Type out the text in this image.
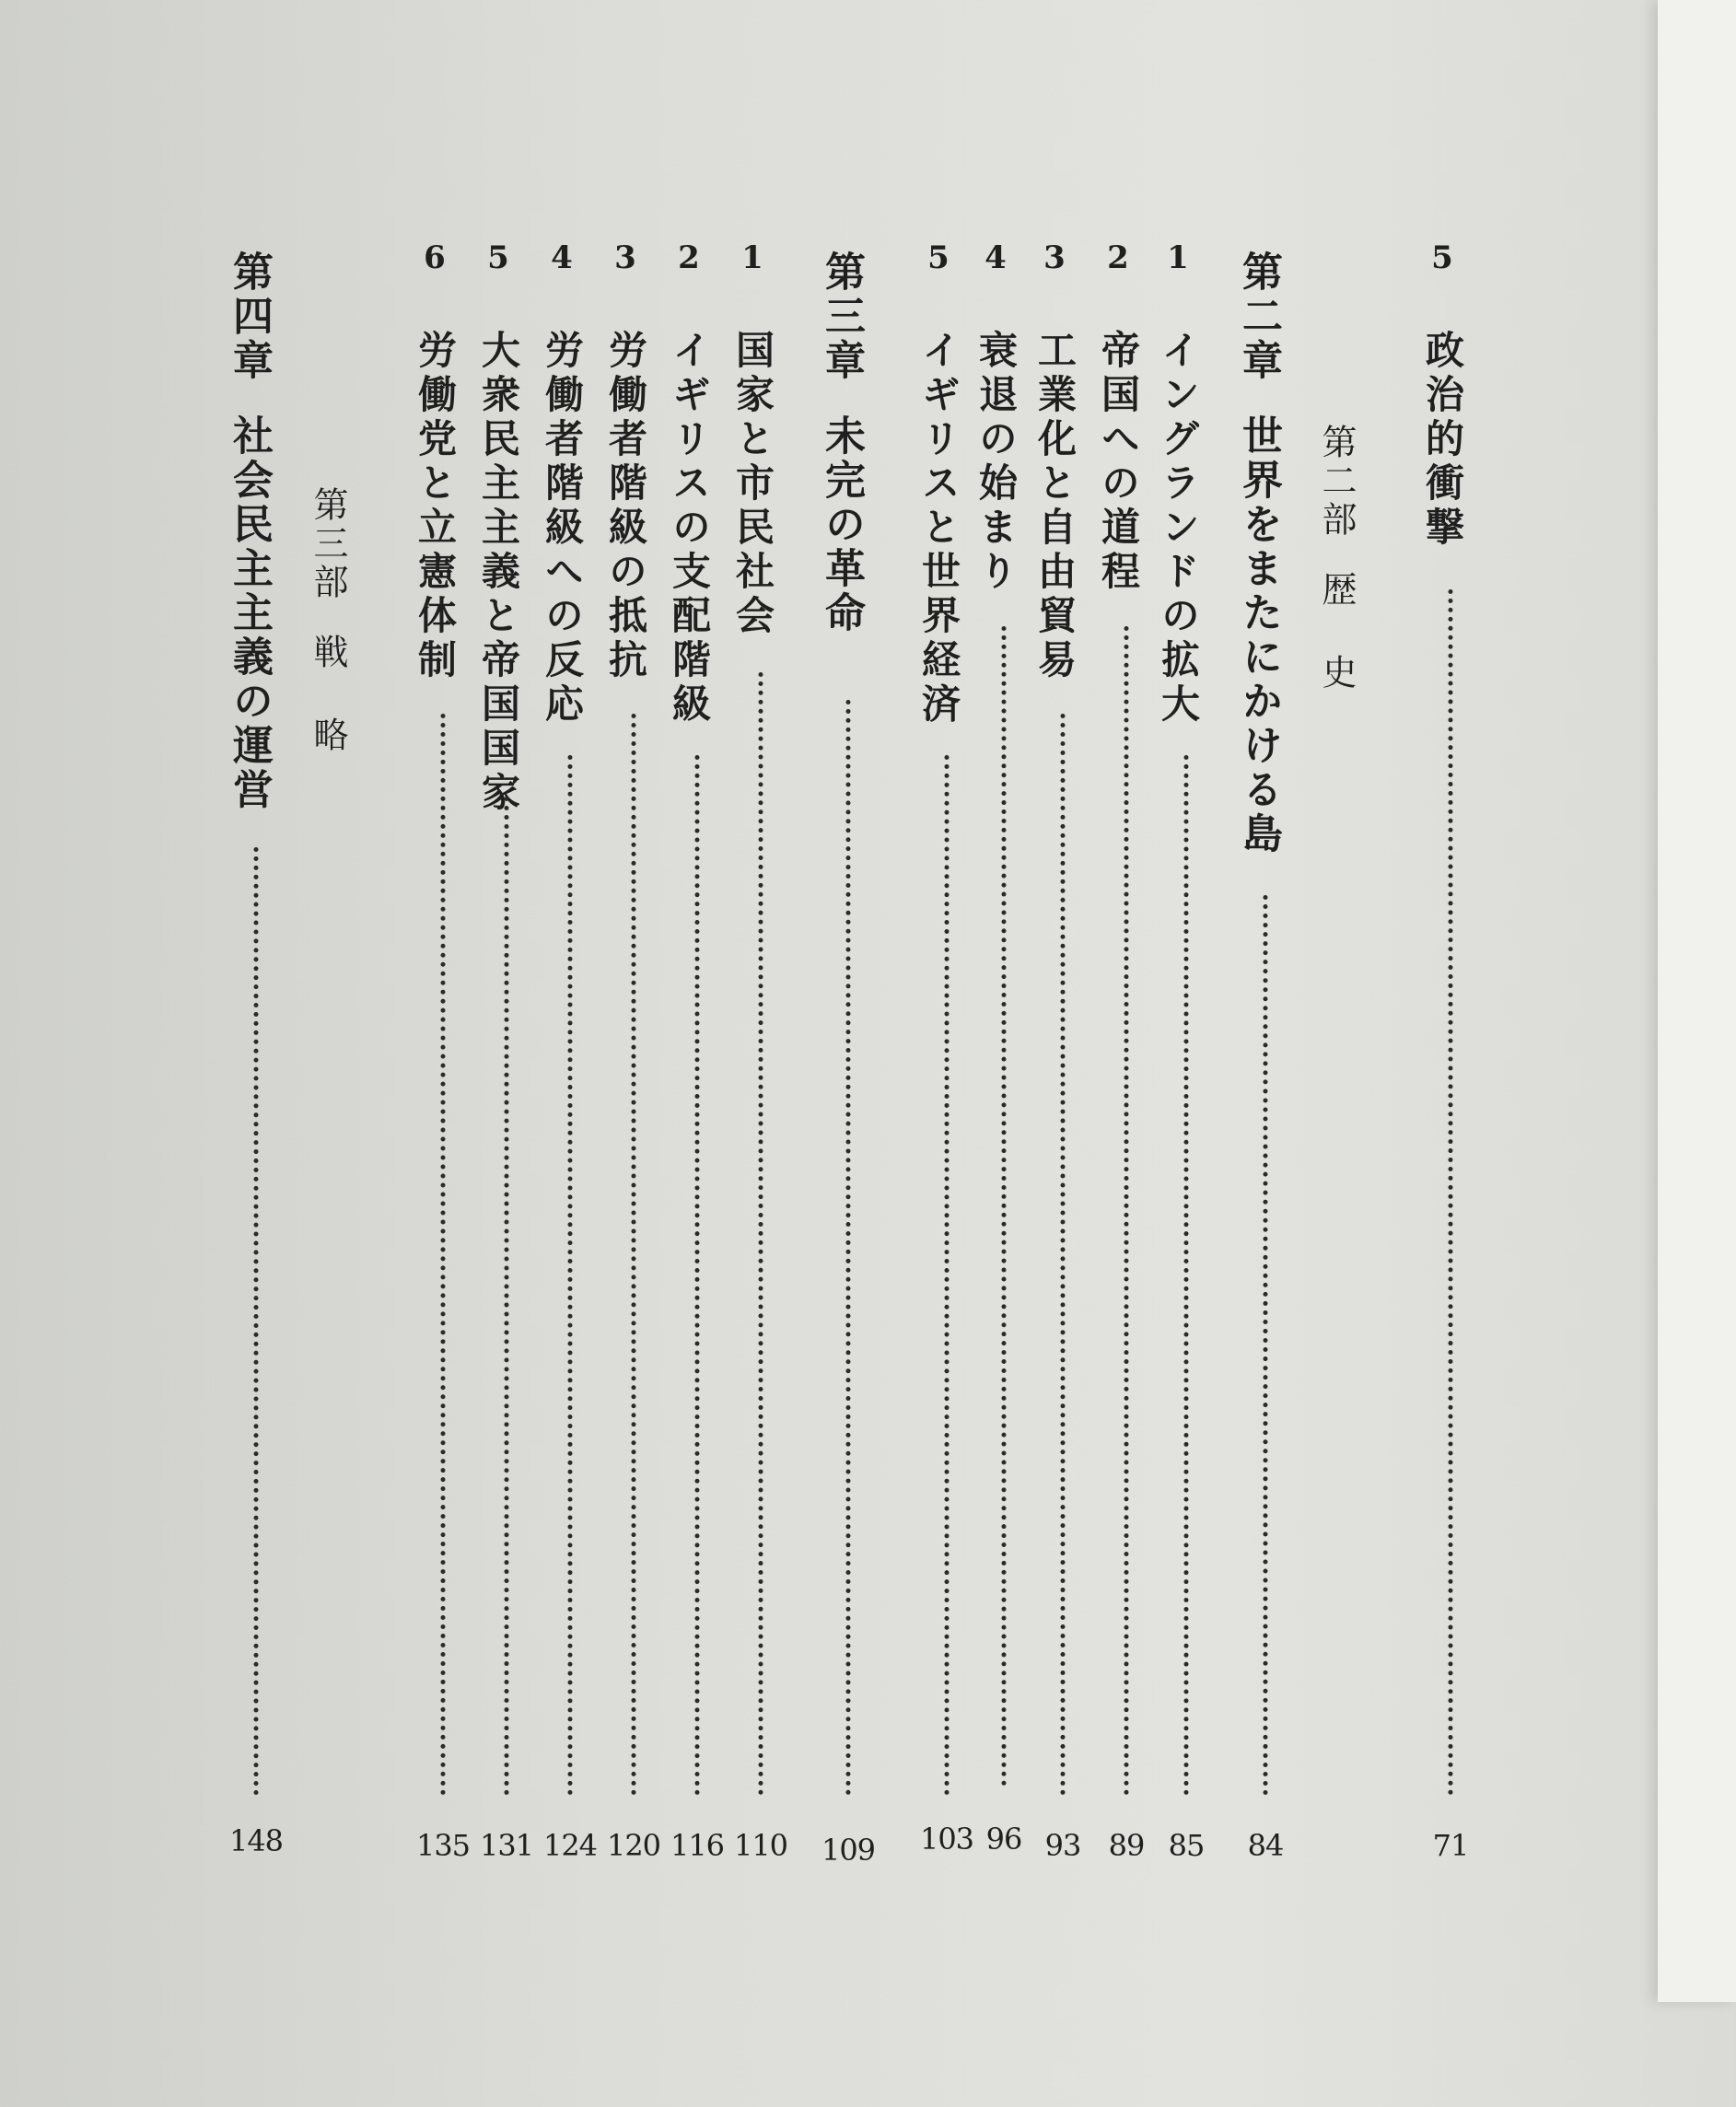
5政治的衝撃
71
第二部歴 史
第二章世界をまたにかける島
84
1イングランドの拡大
85
2帝国への道程
89
3工業化と自由貿易
93
4衰退の始まり
96
5イギリスと世界経済
103
第三章未完の革命
109
1国家と市民社会
110
2イギリスの支配階級
116
3労働者階級の抵抗
120
4労働者階級への反応
124
5大衆民主主義と帝国国家
131
6労働党と立憲体制
135
第三部戦 略
第四章社会民主主義の運営
148
